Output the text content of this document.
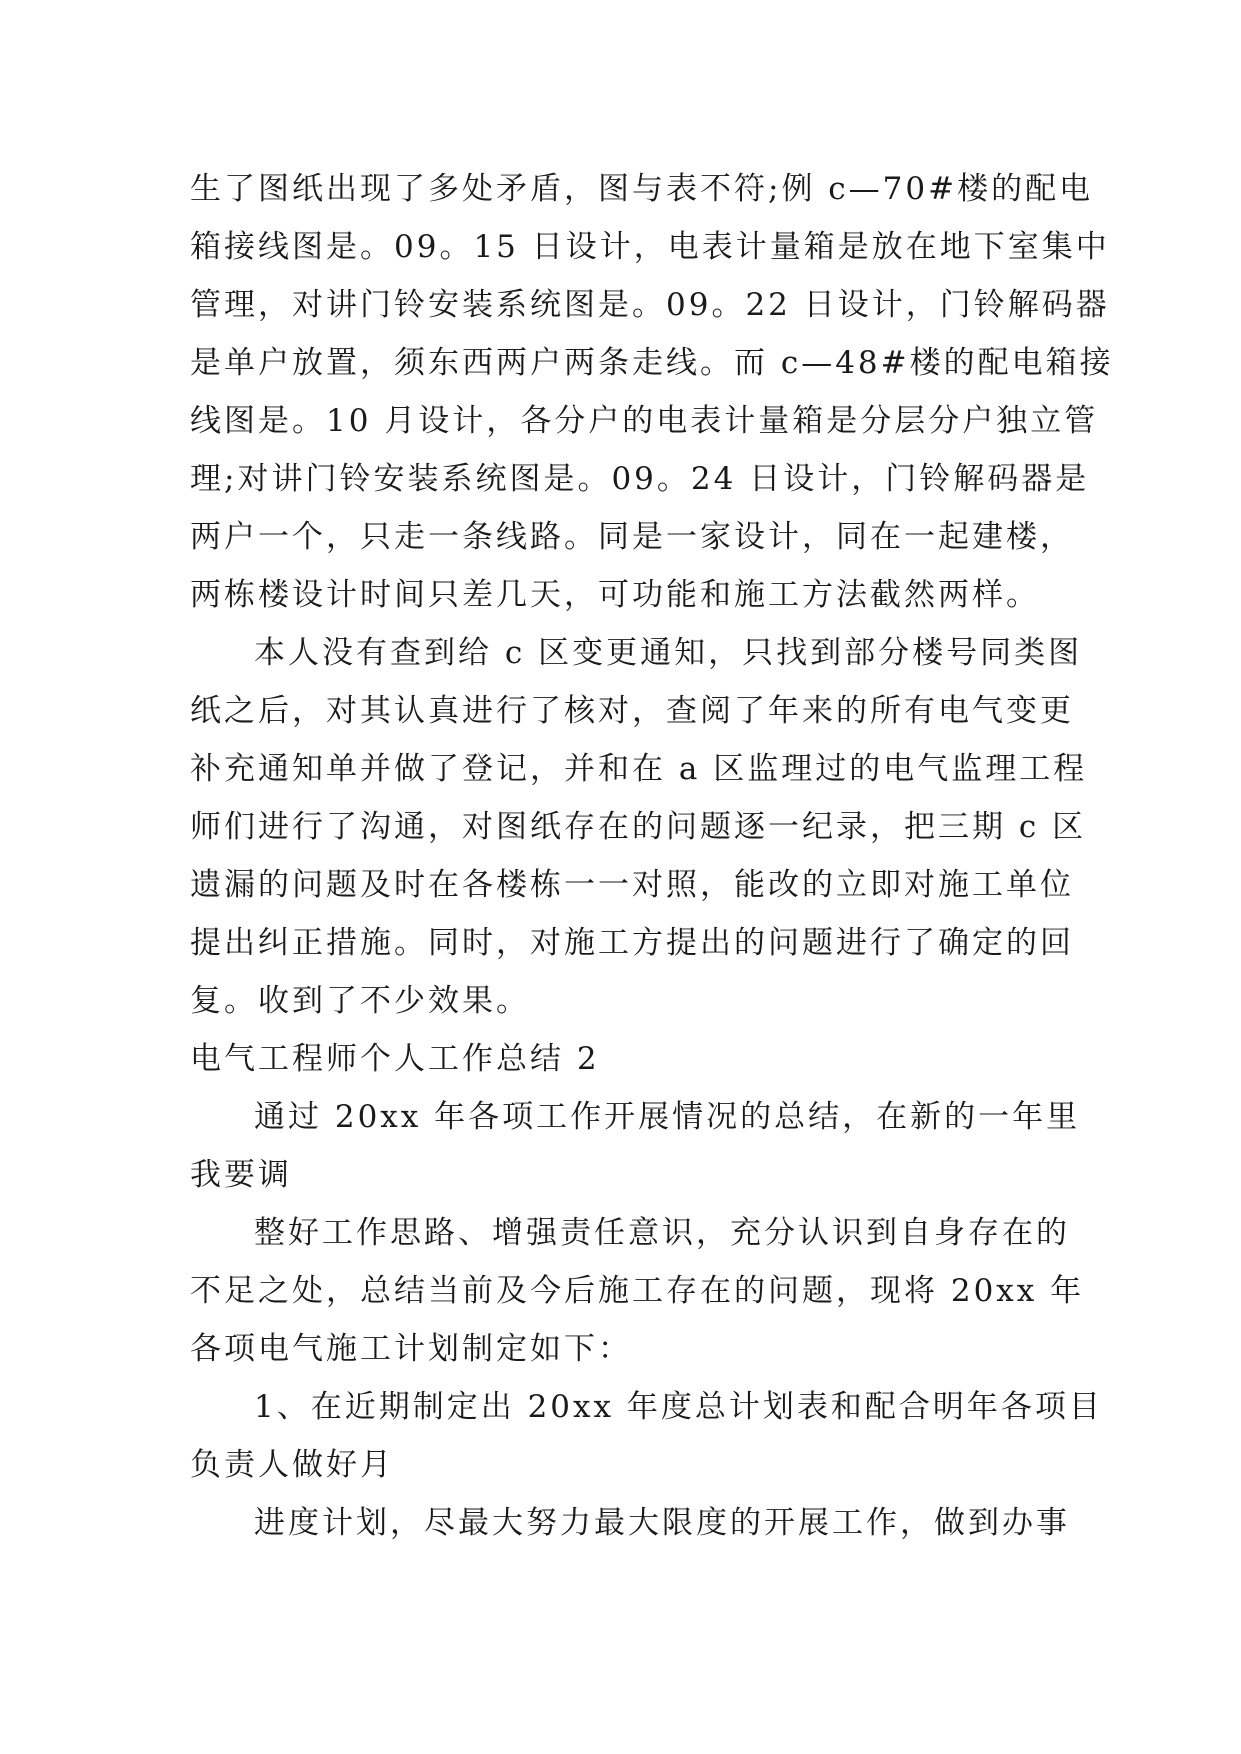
生了图纸出现了多处矛盾，图与表不符;例 c—70#楼的配电
箱接线图是。09。15 日设计，电表计量箱是放在地下室集中
管理，对讲门铃安装系统图是。09。22 日设计，门铃解码器
是单户放置，须东西两户两条走线。而 c—48#楼的配电箱接
线图是。10 月设计，各分户的电表计量箱是分层分户独立管
理;对讲门铃安装系统图是。09。24 日设计，门铃解码器是
两户一个，只走一条线路。同是一家设计，同在一起建楼，
两栋楼设计时间只差几天，可功能和施工方法截然两样。
本人没有查到给 c 区变更通知，只找到部分楼号同类图
纸之后，对其认真进行了核对，查阅了年来的所有电气变更
补充通知单并做了登记，并和在 a 区监理过的电气监理工程
师们进行了沟通，对图纸存在的问题逐一纪录，把三期 c 区
遗漏的问题及时在各楼栋一一对照，能改的立即对施工单位
提出纠正措施。同时，对施工方提出的问题进行了确定的回
复。收到了不少效果。
电气工程师个人工作总结 2
通过 20xx 年各项工作开展情况的总结，在新的一年里
我要调
整好工作思路、增强责任意识，充分认识到自身存在的
不足之处，总结当前及今后施工存在的问题，现将 20xx 年
各项电气施工计划制定如下：
1、在近期制定出 20xx 年度总计划表和配合明年各项目
负责人做好月
进度计划，尽最大努力最大限度的开展工作，做到办事
